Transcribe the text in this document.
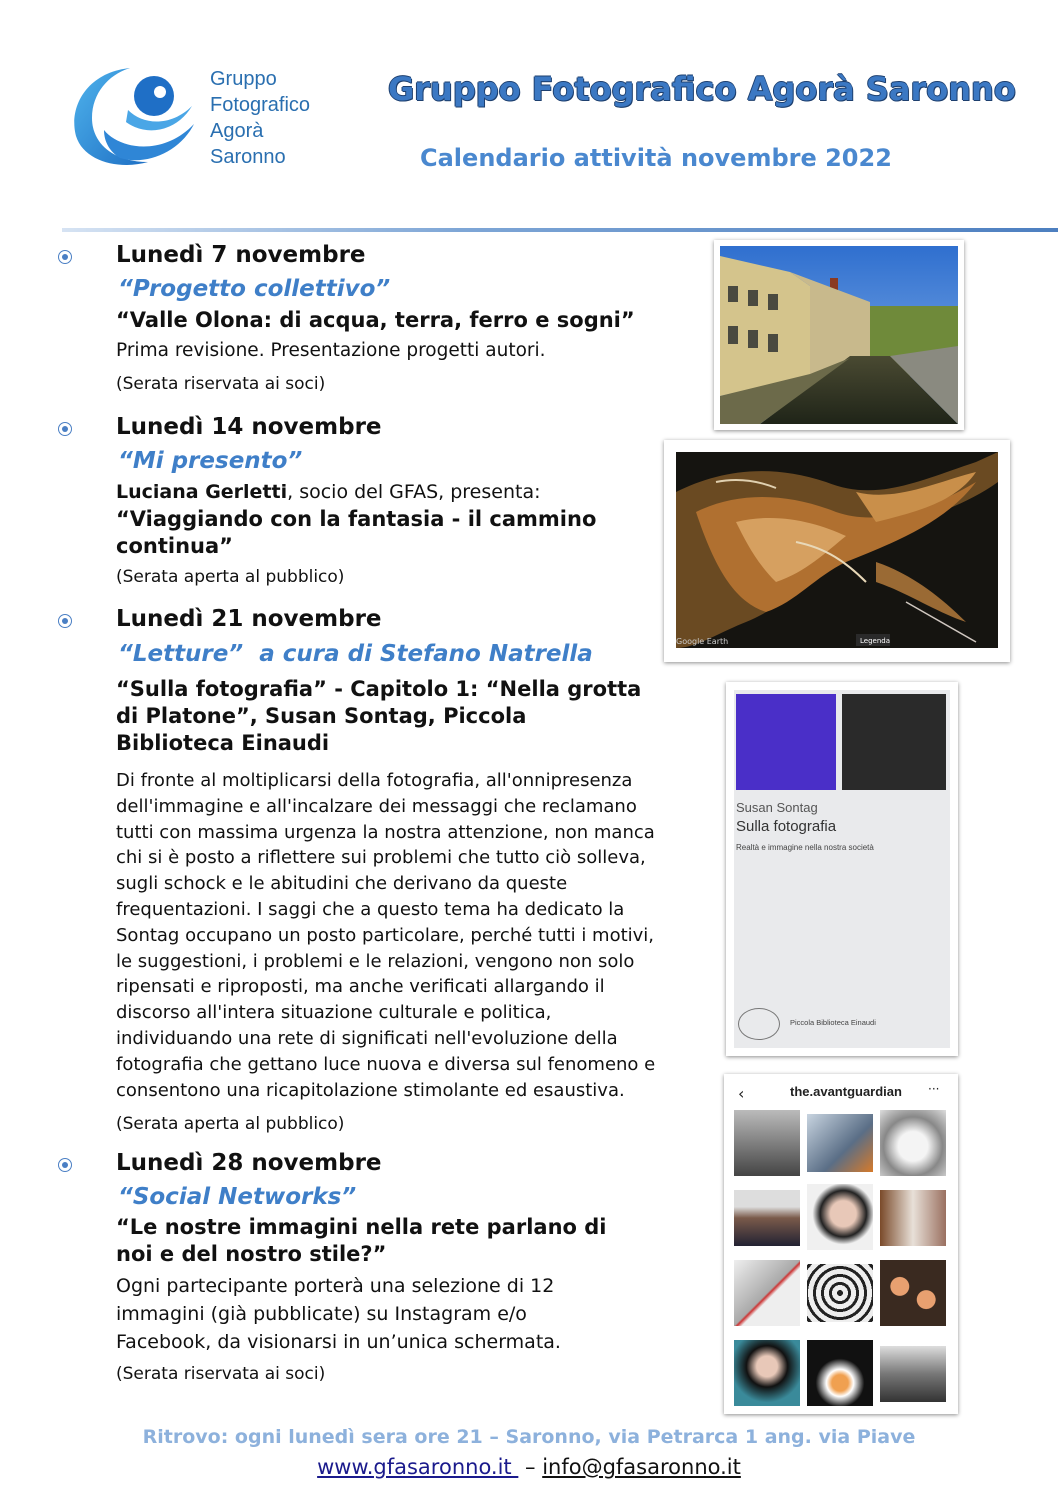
Gruppo
Fotografico
Agorà
Saronno
Gruppo Fotografico Agorà Saronno
Calendario attività novembre 2022
Lunedì 7 novembre
“Progetto collettivo”
“Valle Olona: di acqua, terra, ferro e sogni”
Prima revisione. Presentazione progetti autori.
(Serata riservata ai soci)
Lunedì 14 novembre
“Mi presento”
Luciana Gerletti, socio del GFAS, presenta:
“Viaggiando con la fantasia - il cammino
continua”
(Serata aperta al pubblico)
Legenda
Google Earth
Lunedì 21 novembre
“Letture”  a cura di Stefano Natrella
“Sulla fotografia” - Capitolo 1: “Nella grotta
di Platone”, Susan Sontag, Piccola
Biblioteca Einaudi
Di fronte al moltiplicarsi della fotografia, all'onnipresenza
dell'immagine e all'incalzare dei messaggi che reclamano
tutti con massima urgenza la nostra attenzione, non manca
chi si è posto a riflettere sui problemi che tutto ciò solleva,
sugli schock e le abitudini che derivano da queste
frequentazioni. I saggi che a questo tema ha dedicato la
Sontag occupano un posto particolare, perché tutti i motivi,
le suggestioni, i problemi e le relazioni, vengono non solo
ripensati e riproposti, ma anche verificati allargando il
discorso all'intera situazione culturale e politica,
individuando una rete di significati nell'evoluzione della
fotografia che gettano luce nuova e diversa sul fenomeno e
consentono una ricapitolazione stimolante ed esaustiva.
(Serata aperta al pubblico)
Susan Sontag
Sulla fotografia
Realtà e immagine nella nostra società
Piccola Biblioteca Einaudi
Lunedì 28 novembre
“Social Networks”
“Le nostre immagini nella rete parlano di
noi e del nostro stile?”
Ogni partecipante porterà una selezione di 12
immagini (già pubblicate) su Instagram e/o
Facebook, da visionarsi in un’unica schermata.
(Serata riservata ai soci)
‹	the.avantguardian ···
Ritrovo: ogni lunedì sera ore 21 – Saronno, via Petrarca 1 ang. via Piave
www.gfasaronno.it  – info@gfasaronno.it
